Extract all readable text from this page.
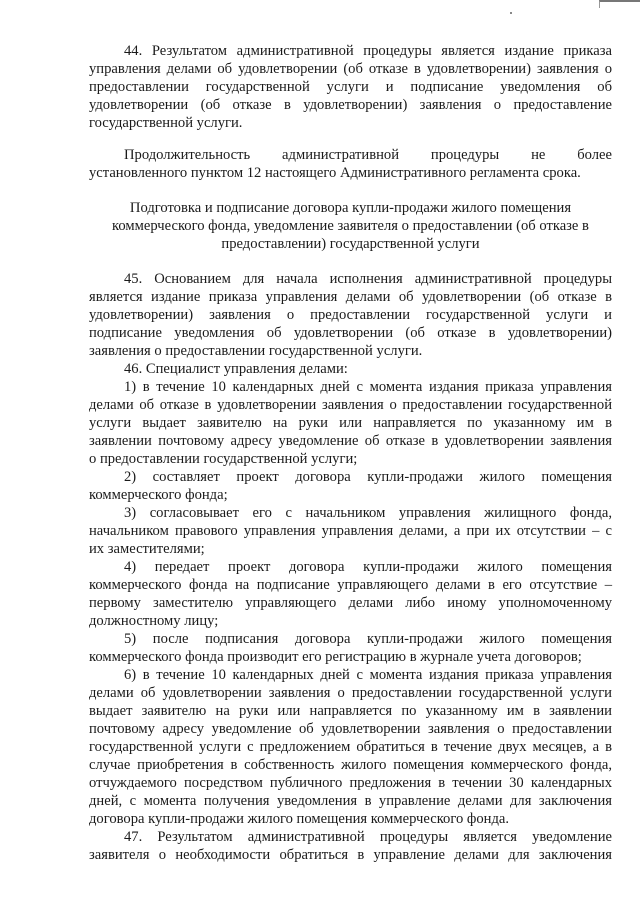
44. Результатом административной процедуры является издание приказа
управления делами об удовлетворении (об отказе в удовлетворении) заявления о
предоставлении государственной услуги и подписание уведомления об
удовлетворении (об отказе в удовлетворении) заявления о предоставление
государственной услуги.
Продолжительность административной процедуры не более
установленного пунктом 12 настоящего Административного регламента срока.
Подготовка и подписание договора купли-продажи жилого помещения
коммерческого фонда, уведомление заявителя о предоставлении (об отказе в
предоставлении) государственной услуги
45. Основанием для начала исполнения административной процедуры
является издание приказа управления делами об удовлетворении (об отказе в
удовлетворении) заявления о предоставлении государственной услуги и
подписание уведомления об удовлетворении (об отказе в удовлетворении)
заявления о предоставлении государственной услуги.
46. Специалист управления делами:
1) в течение 10 календарных дней с момента издания приказа управления
делами об отказе в удовлетворении заявления о предоставлении государственной
услуги выдает заявителю на руки или направляется по указанному им в
заявлении почтовому адресу уведомление об отказе в удовлетворении заявления
о предоставлении государственной услуги;
2) составляет проект договора купли-продажи жилого помещения
коммерческого фонда;
3) согласовывает его с начальником управления жилищного фонда,
начальником правового управления управления делами, а при их отсутствии – с
их заместителями;
4) передает проект договора купли-продажи жилого помещения
коммерческого фонда на подписание управляющего делами в его отсутствие –
первому заместителю управляющего делами либо иному уполномоченному
должностному лицу;
5) после подписания договора купли-продажи жилого помещения
коммерческого фонда производит его регистрацию в журнале учета договоров;
6) в течение 10 календарных дней с момента издания приказа управления
делами об удовлетворении заявления о предоставлении государственной услуги
выдает заявителю на руки или направляется по указанному им в заявлении
почтовому адресу уведомление об удовлетворении заявления о предоставлении
государственной услуги с предложением обратиться в течение двух месяцев, а в
случае приобретения в собственность жилого помещения коммерческого фонда,
отчуждаемого посредством публичного предложения в течении 30 календарных
дней, с момента получения уведомления в управление делами для заключения
договора купли-продажи жилого помещения коммерческого фонда.
47. Результатом административной процедуры является уведомление
заявителя о необходимости обратиться в управление делами для заключения
